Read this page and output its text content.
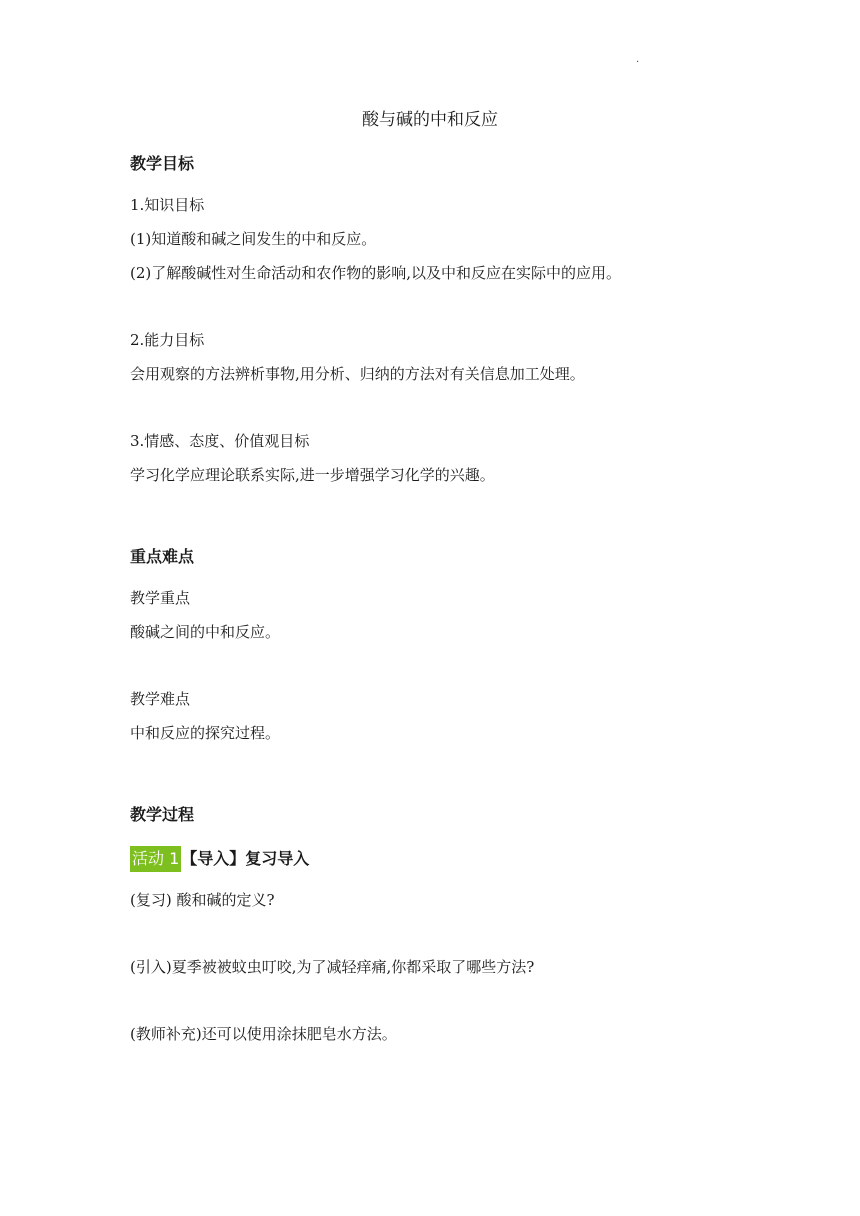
.
酸与碱的中和反应
教学目标
1.知识目标
(1)知道酸和碱之间发生的中和反应。
(2)了解酸碱性对生命活动和农作物的影响,以及中和反应在实际中的应用。
2.能力目标
会用观察的方法辨析事物,用分析、归纳的方法对有关信息加工处理。
3.情感、态度、价值观目标
学习化学应理论联系实际,进一步增强学习化学的兴趣。
重点难点
教学重点
酸碱之间的中和反应。
教学难点
中和反应的探究过程。
教学过程
活动 1 【导入】复习导入
(复习) 酸和碱的定义?
(引入)夏季被被蚊虫叮咬,为了减轻痒痛,你都采取了哪些方法?
(教师补充)还可以使用涂抹肥皂水方法。
